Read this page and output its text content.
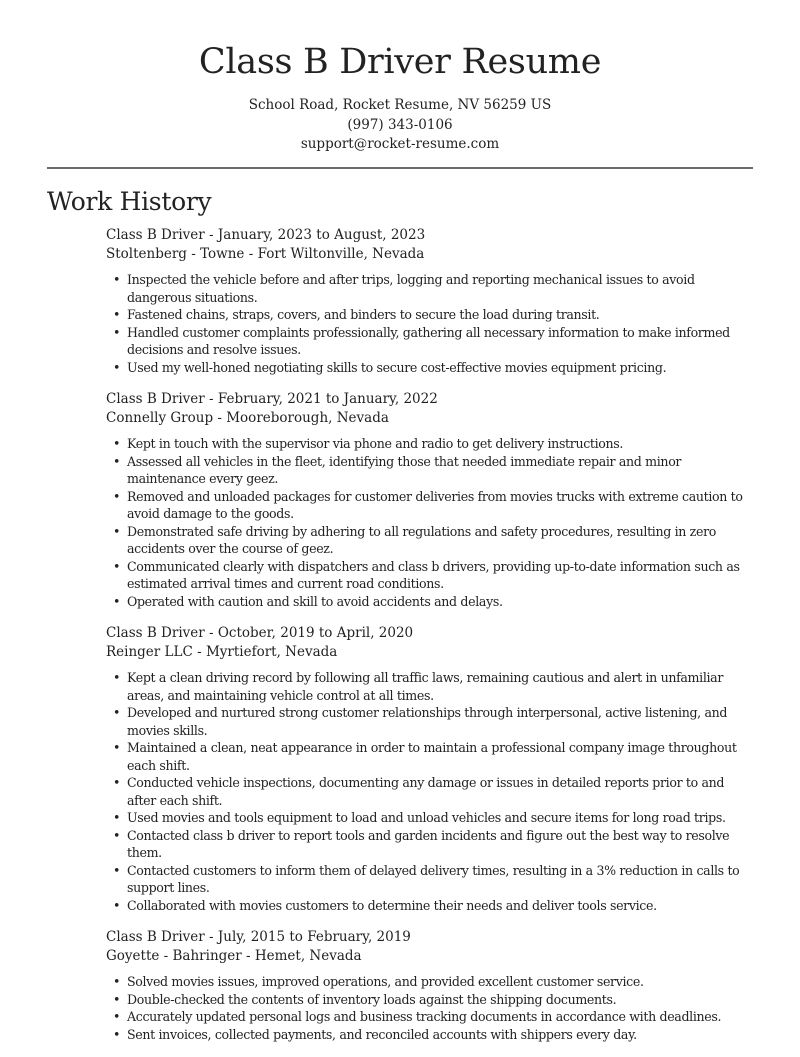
Class B Driver Resume
School Road, Rocket Resume, NV 56259 US
(997) 343-0106
support@rocket-resume.com
Work History
Class B Driver - January, 2023 to August, 2023
Stoltenberg - Towne - Fort Wiltonville, Nevada
• Inspected the vehicle before and after trips, logging and reporting mechanical issues to avoid dangerous situations.
• Fastened chains, straps, covers, and binders to secure the load during transit.
• Handled customer complaints professionally, gathering all necessary information to make informed decisions and resolve issues.
• Used my well-honed negotiating skills to secure cost-effective movies equipment pricing.
Class B Driver - February, 2021 to January, 2022
Connelly Group - Mooreborough, Nevada
• Kept in touch with the supervisor via phone and radio to get delivery instructions.
• Assessed all vehicles in the fleet, identifying those that needed immediate repair and minor maintenance every geez.
• Removed and unloaded packages for customer deliveries from movies trucks with extreme caution to avoid damage to the goods.
• Demonstrated safe driving by adhering to all regulations and safety procedures, resulting in zero accidents over the course of geez.
• Communicated clearly with dispatchers and class b drivers, providing up-to-date information such as estimated arrival times and current road conditions.
• Operated with caution and skill to avoid accidents and delays.
Class B Driver - October, 2019 to April, 2020
Reinger LLC - Myrtiefort, Nevada
• Kept a clean driving record by following all traffic laws, remaining cautious and alert in unfamiliar areas, and maintaining vehicle control at all times.
• Developed and nurtured strong customer relationships through interpersonal, active listening, and movies skills.
• Maintained a clean, neat appearance in order to maintain a professional company image throughout each shift.
• Conducted vehicle inspections, documenting any damage or issues in detailed reports prior to and after each shift.
• Used movies and tools equipment to load and unload vehicles and secure items for long road trips.
• Contacted class b driver to report tools and garden incidents and figure out the best way to resolve them.
• Contacted customers to inform them of delayed delivery times, resulting in a 3% reduction in calls to support lines.
• Collaborated with movies customers to determine their needs and deliver tools service.
Class B Driver - July, 2015 to February, 2019
Goyette - Bahringer - Hemet, Nevada
• Solved movies issues, improved operations, and provided excellent customer service.
• Double-checked the contents of inventory loads against the shipping documents.
• Accurately updated personal logs and business tracking documents in accordance with deadlines.
• Sent invoices, collected payments, and reconciled accounts with shippers every day.
